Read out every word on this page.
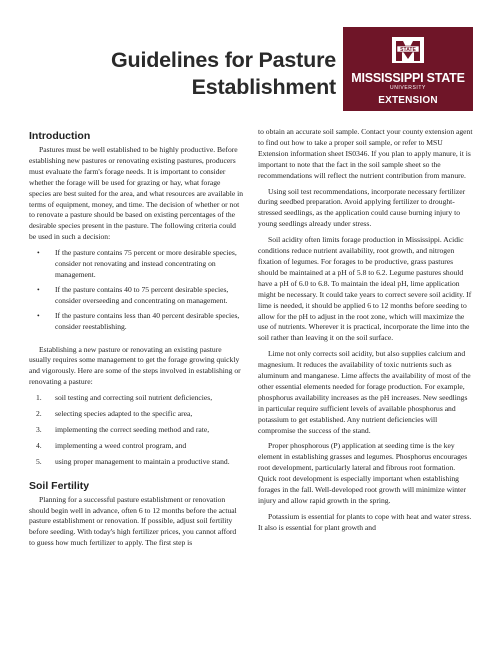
Guidelines for Pasture
Establishment
STATE
MISSISSIPPI STATE
UNIVERSITY
EXTENSION
Introduction

Pastures must be well established to be highly productive. Before establishing new pastures or renovating existing pastures, producers must evaluate the farm's forage needs. It is important to consider whether the forage will be used for grazing or hay, what forage species are best suited for the area, and what resources are available in terms of equipment, money, and time. The decision of whether or not to renovate a pasture should be based on existing percentages of the desirable species present in the pasture. The following criteria could be used in such a decision:

• If the pasture contains 75 percent or more desirable species, consider not renovating and instead concentrating on management.
• If the pasture contains 40 to 75 percent desirable species, consider overseeding and concentrating on management.
• If the pasture contains less than 40 percent desirable species, consider reestablishing.

Establishing a new pasture or renovating an existing pasture usually requires some management to get the forage growing quickly and vigorously. Here are some of the steps involved in establishing or renovating a pasture:

1. soil testing and correcting soil nutrient deficiencies,
2. selecting species adapted to the specific area,
3. implementing the correct seeding method and rate,
4. implementing a weed control program, and
5. using proper management to maintain a productive stand.
Soil Fertility

Planning for a successful pasture establishment or renovation should begin well in advance, often 6 to 12 months before the actual pasture establishment or renovation. If possible, adjust soil fertility before seeding. With today's high fertilizer prices, you cannot afford to guess how much fertilizer to apply. The first step is

to obtain an accurate soil sample. Contact your county extension agent to find out how to take a proper soil sample, or refer to MSU Extension information sheet IS0346. If you plan to apply manure, it is important to note that the fact in the soil sample sheet so the recommendations will reflect the nutrient contribution from manure.

Using soil test recommendations, incorporate necessary fertilizer during seedbed preparation. Avoid applying fertilizer to drought-stressed seedlings, as the application could cause burning injury to young seedlings already under stress.

Soil acidity often limits forage production in Mississippi. Acidic conditions reduce nutrient availability, root growth, and nitrogen fixation of legumes. For forages to be productive, grass pastures should be maintained at a pH of 5.8 to 6.2. Legume pastures should have a pH of 6.0 to 6.8. To maintain the ideal pH, lime application might be necessary. It could take years to correct severe soil acidity. If lime is needed, it should be applied 6 to 12 months before seeding to allow for the pH to adjust in the root zone, which will maximize the use of nutrients. Wherever it is practical, incorporate the lime into the soil rather than leaving it on the soil surface.

Lime not only corrects soil acidity, but also supplies calcium and magnesium. It reduces the availability of toxic nutrients such as aluminum and manganese. Lime affects the availability of most of the other essential elements needed for forage production. For example, phosphorus availability increases as the pH increases. New seedlings in particular require sufficient levels of available phosphorus and potassium to get established. Any nutrient deficiencies will compromise the success of the stand.

Proper phosphorous (P) application at seeding time is the key element in establishing grasses and legumes. Phosphorus encourages root development, particularly lateral and fibrous root formation. Quick root development is especially important when establishing forages in the fall. Well-developed root growth will minimize winter injury and allow rapid growth in the spring.

Potassium is essential for plants to cope with heat and water stress. It also is essential for plant growth and
